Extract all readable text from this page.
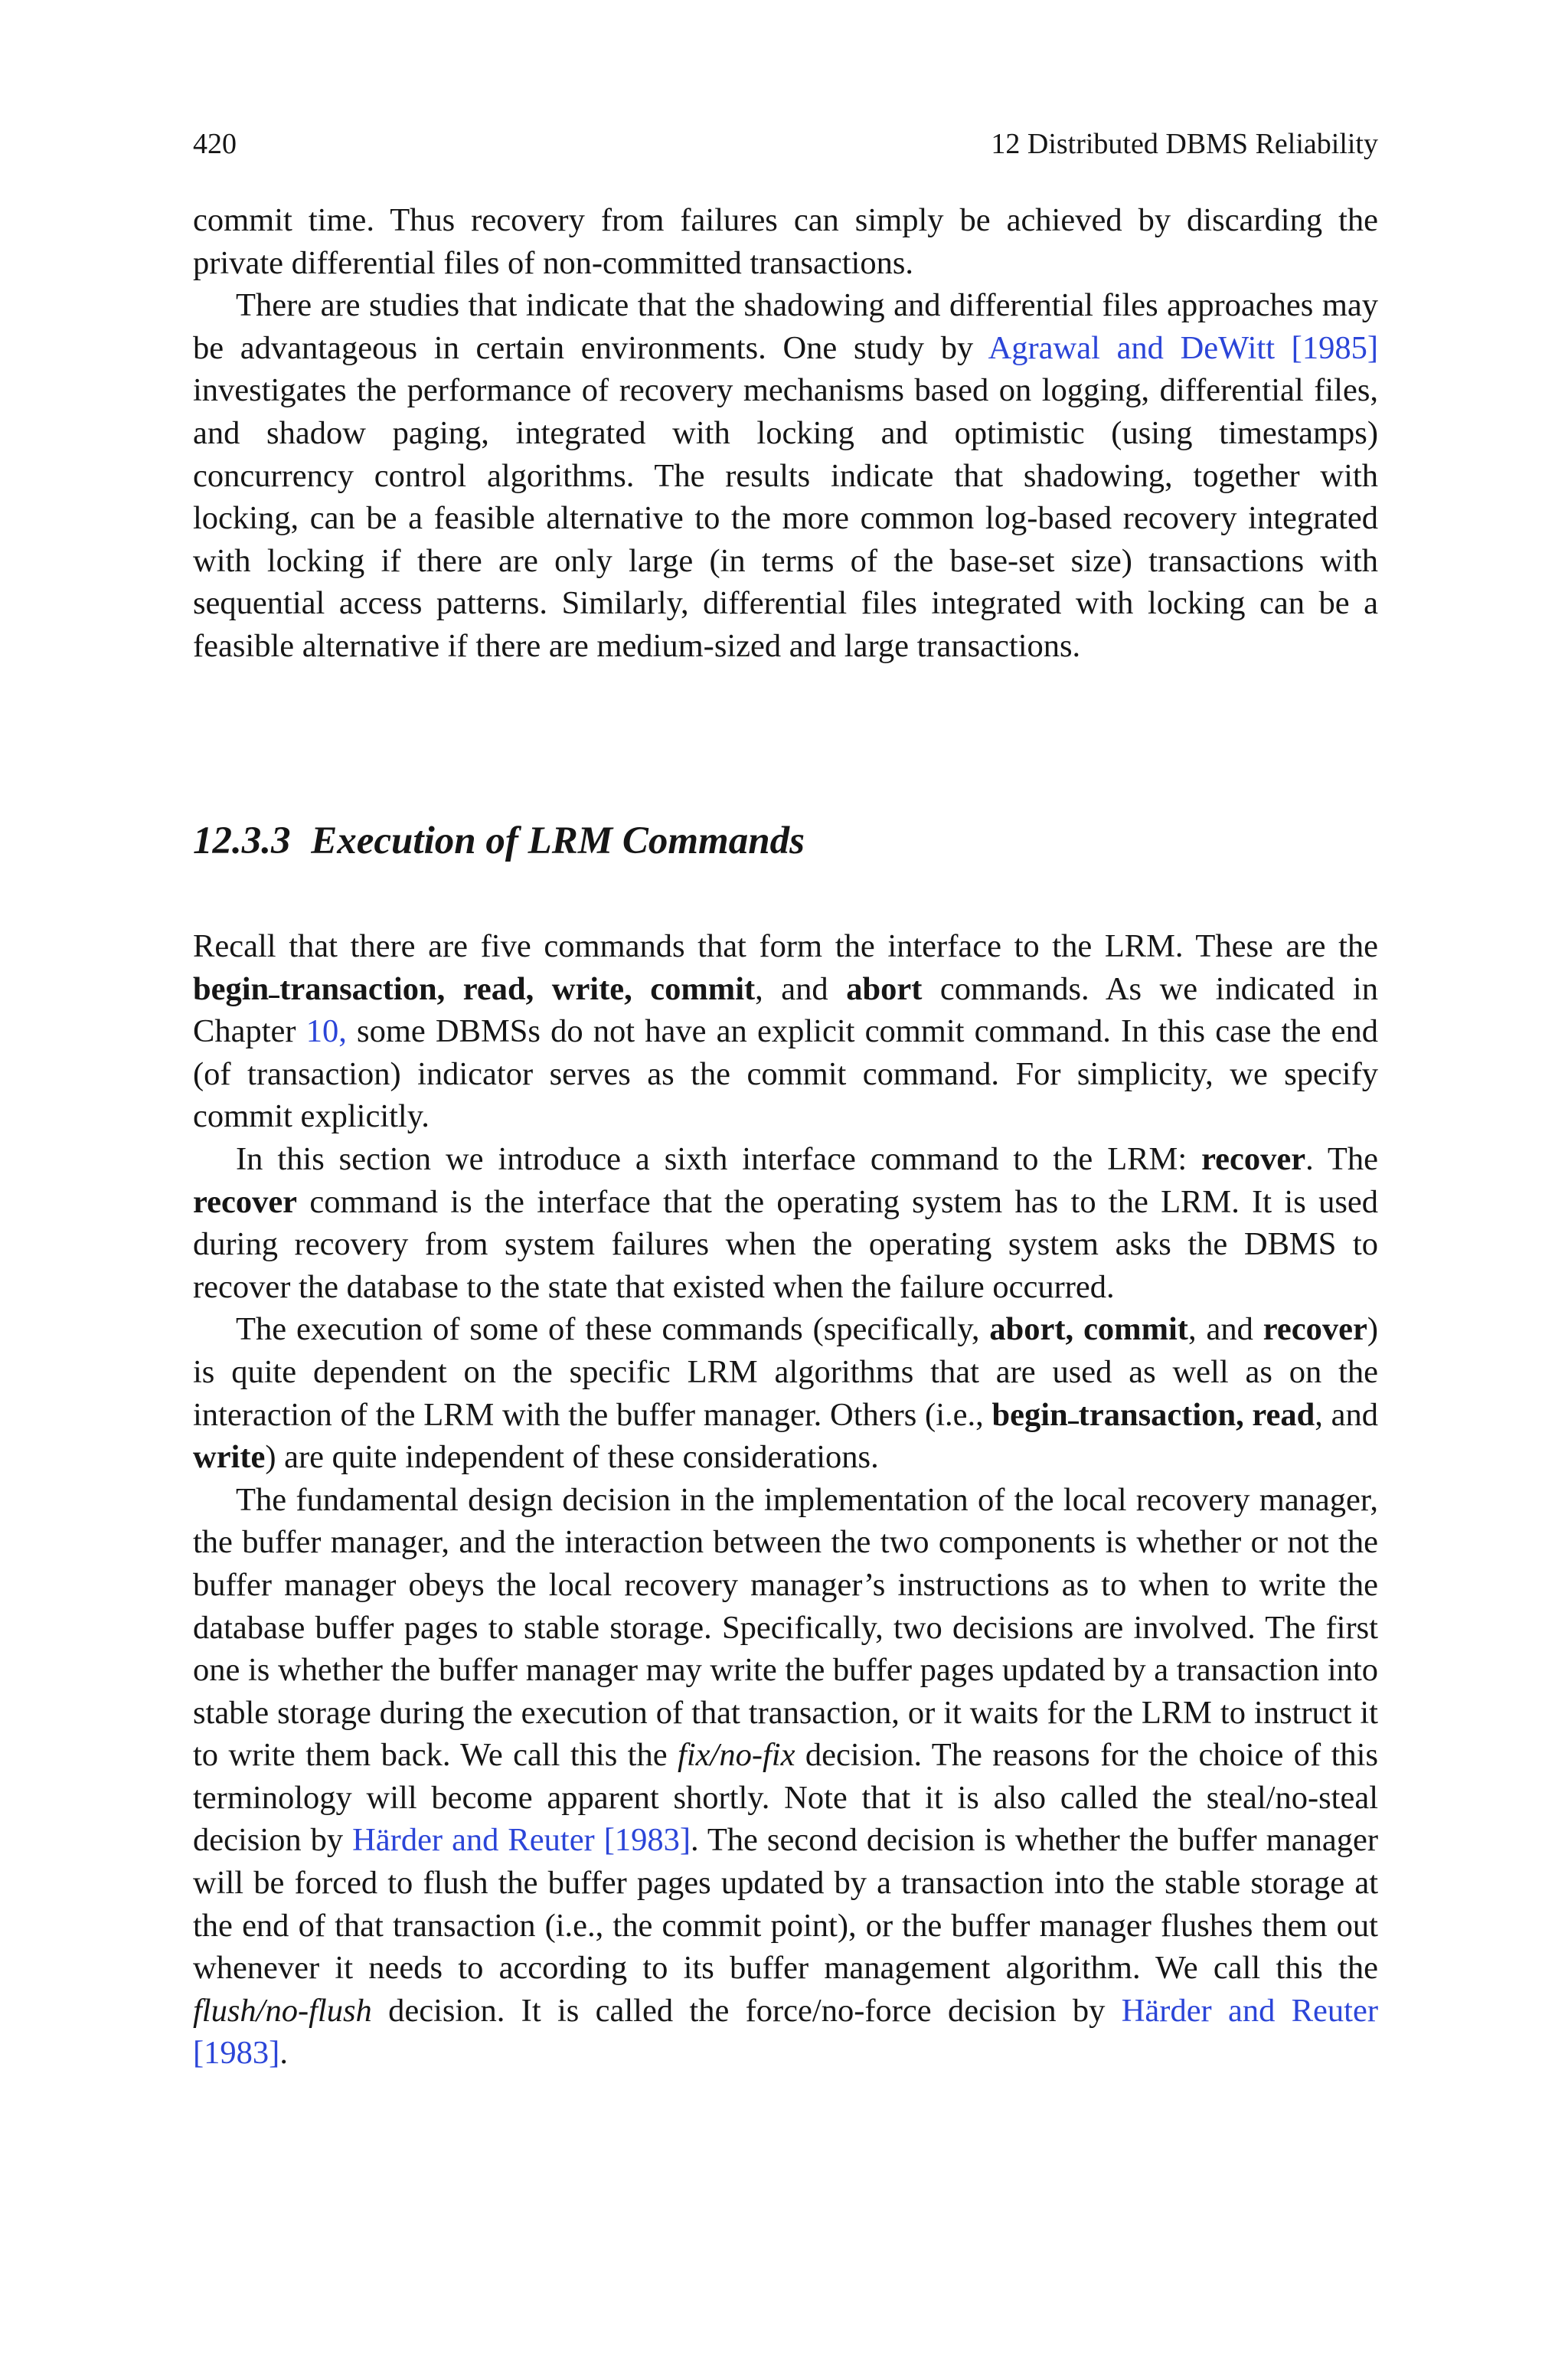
420	12 Distributed DBMS Reliability

commit time. Thus recovery from failures can simply be achieved by discarding the private differential files of non-committed transactions.

There are studies that indicate that the shadowing and differential files approaches may be advantageous in certain environments. One study by Agrawal and DeWitt [1985] investigates the performance of recovery mechanisms based on logging, differential files, and shadow paging, integrated with locking and optimistic (using timestamps) concurrency control algorithms. The results indicate that shadowing, together with locking, can be a feasible alternative to the more common log-based recovery integrated with locking if there are only large (in terms of the base-set size) transactions with sequential access patterns. Similarly, differential files integrated with locking can be a feasible alternative if there are medium-sized and large transactions.

12.3.3 Execution of LRM Commands

Recall that there are five commands that form the interface to the LRM. These are the begin transaction, read, write, commit, and abort commands. As we indicated in Chapter 10, some DBMSs do not have an explicit commit command. In this case the end (of transaction) indicator serves as the commit command. For simplicity, we specify commit explicitly.

In this section we introduce a sixth interface command to the LRM: recover. The recover command is the interface that the operating system has to the LRM. It is used during recovery from system failures when the operating system asks the DBMS to recover the database to the state that existed when the failure occurred.

The execution of some of these commands (specifically, abort, commit, and recover) is quite dependent on the specific LRM algorithms that are used as well as on the interaction of the LRM with the buffer manager. Others (i.e., begin transaction, read, and write) are quite independent of these considerations.

The fundamental design decision in the implementation of the local recovery manager, the buffer manager, and the interaction between the two components is whether or not the buffer manager obeys the local recovery manager’s instructions as to when to write the database buffer pages to stable storage. Specifically, two decisions are involved. The first one is whether the buffer manager may write the buffer pages updated by a transaction into stable storage during the execution of that transaction, or it waits for the LRM to instruct it to write them back. We call this the fix/no-fix decision. The reasons for the choice of this terminology will become apparent shortly. Note that it is also called the steal/no-steal decision by Härder and Reuter [1983]. The second decision is whether the buffer manager will be forced to flush the buffer pages updated by a transaction into the stable storage at the end of that transaction (i.e., the commit point), or the buffer manager flushes them out whenever it needs to according to its buffer management algorithm. We call this the flush/no-flush decision. It is called the force/no-force decision by Härder and Reuter [1983].
